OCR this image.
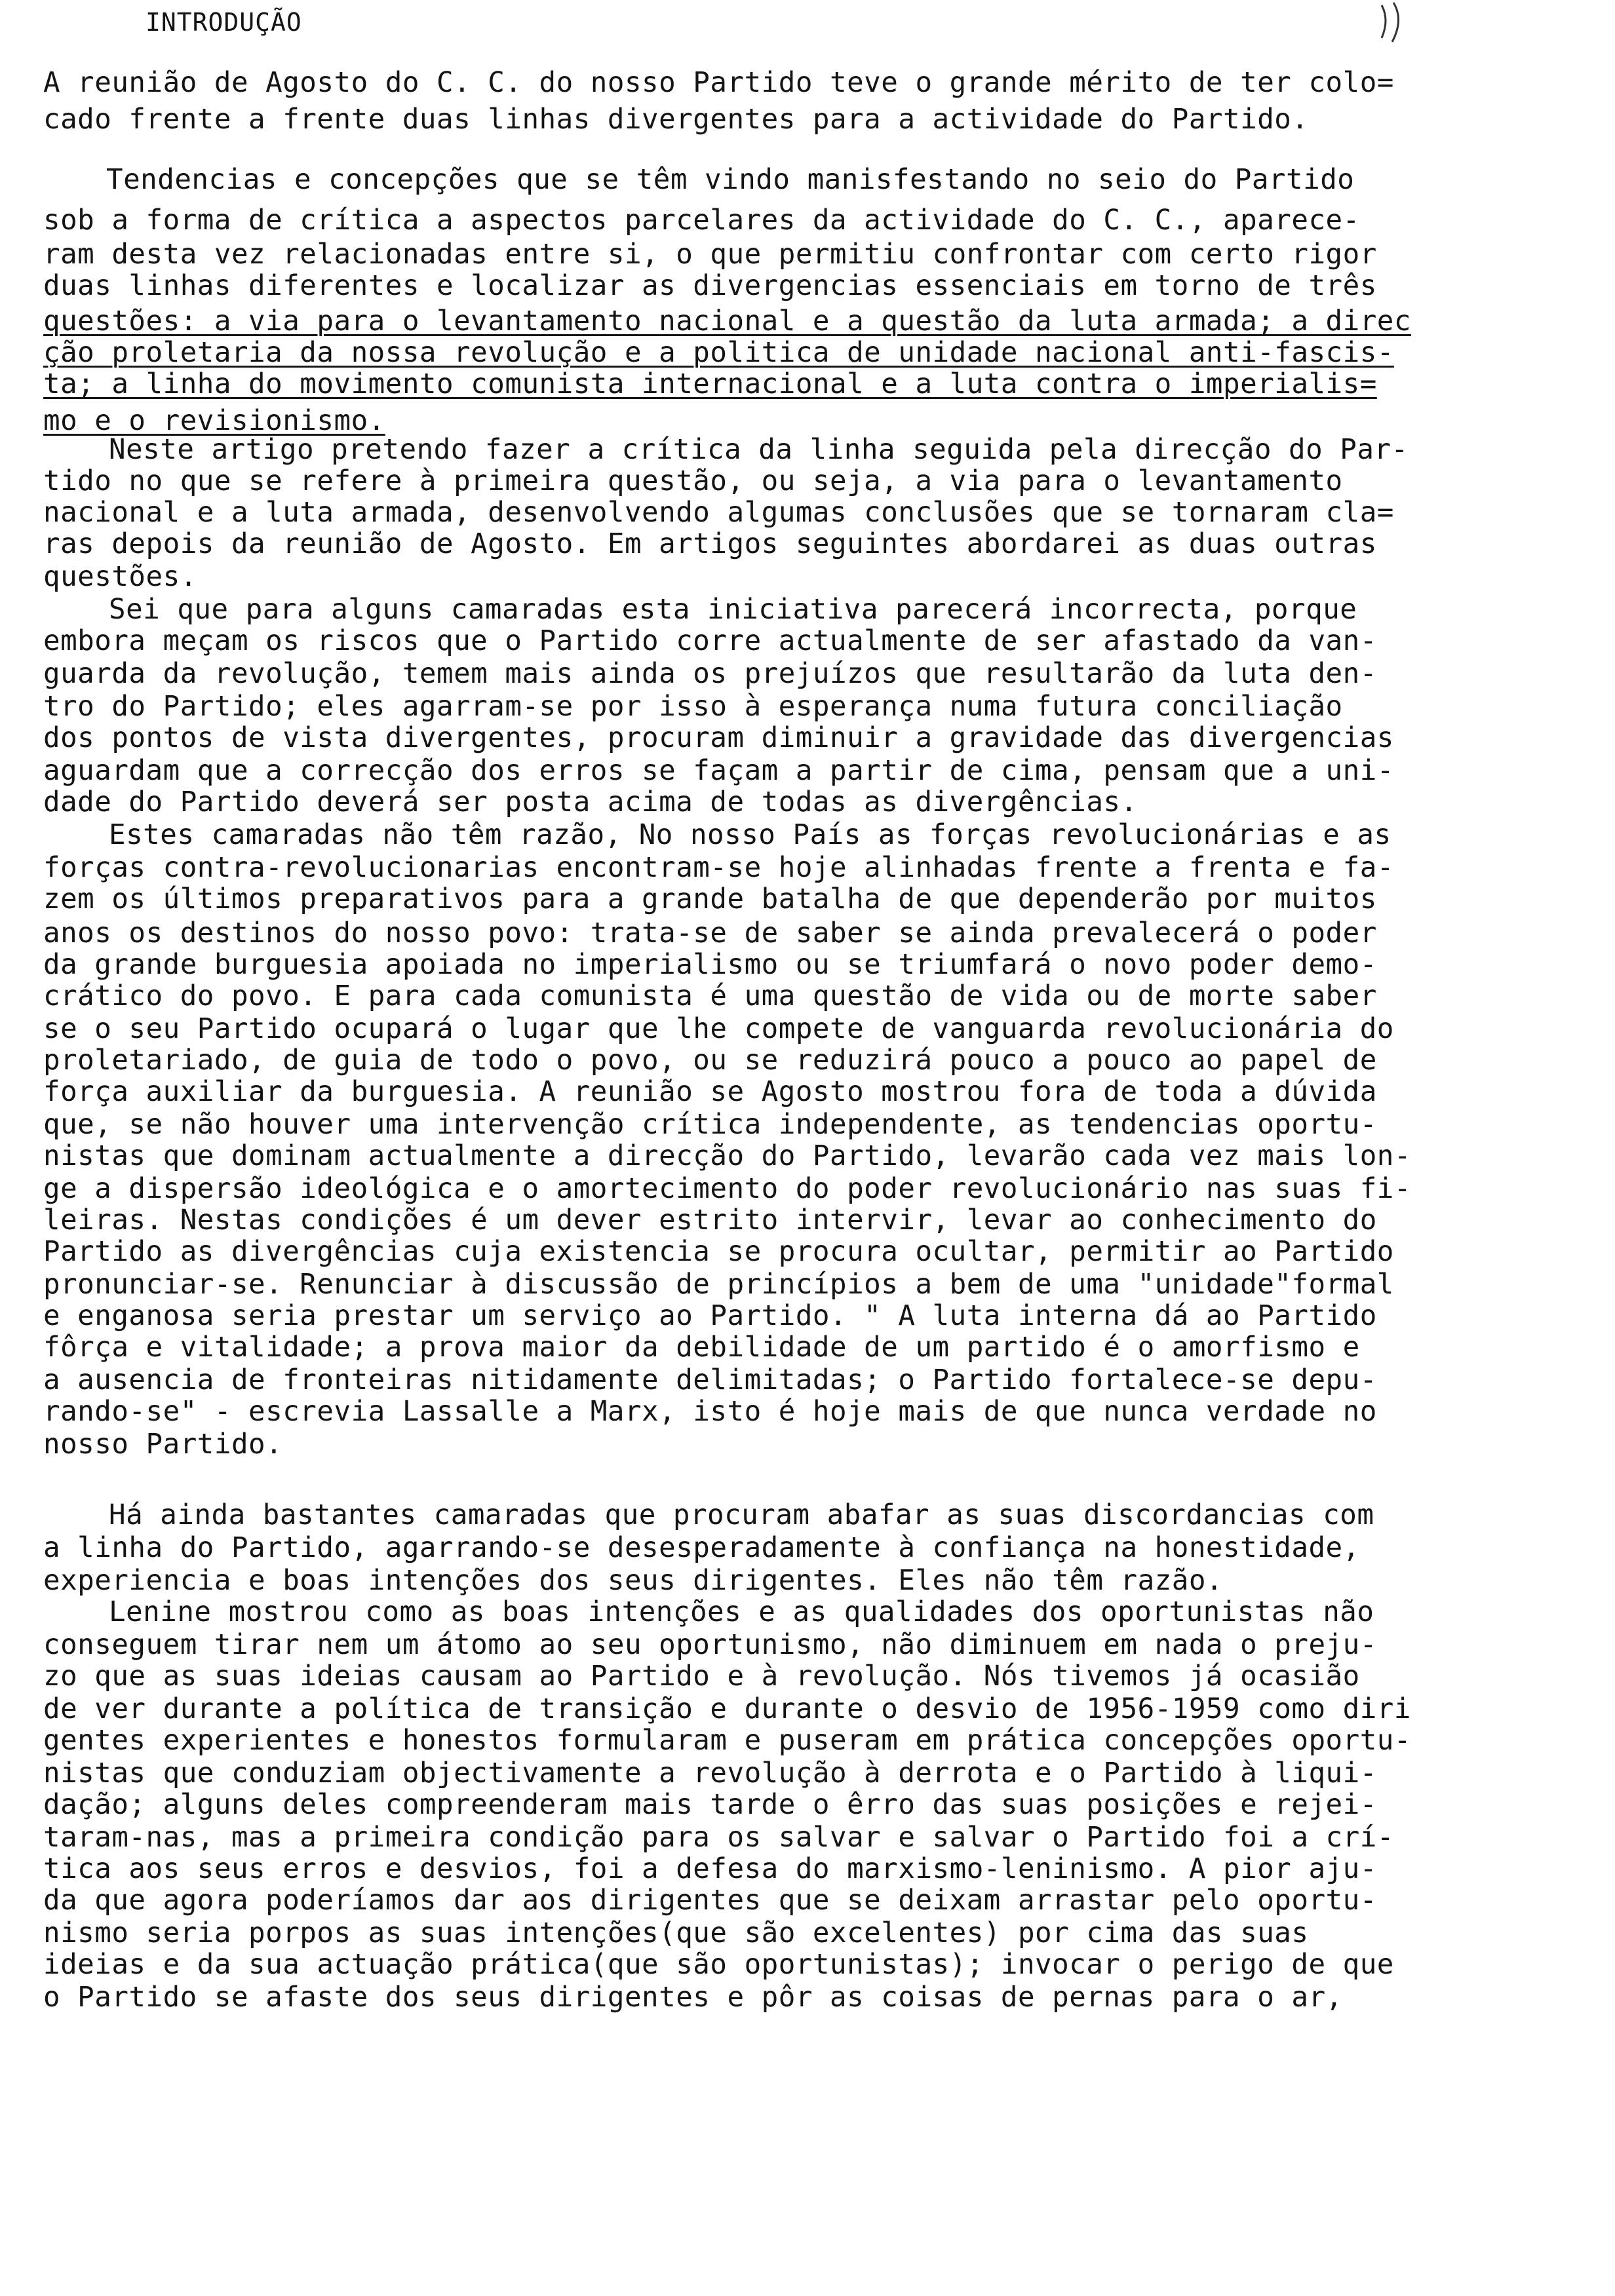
INTRODUÇÃO
A reunião de Agosto do C. C. do nosso Partido teve o grande mérito de ter colo=
cado frente a frente duas linhas divergentes para a actividade do Partido.
Tendencias e concepções que se têm vindo manisfestando no seio do Partido
sob a forma de crítica a aspectos parcelares da actividade do C. C., aparece-
ram desta vez relacionadas entre si, o que permitiu confrontar com certo rigor
duas linhas diferentes e localizar as divergencias essenciais em torno de três
questões: a via para o levantamento nacional e a questão da luta armada; a direc
ção proletaria da nossa revolução e a politica de unidade nacional anti-fascis-
ta; a linha do movimento comunista internacional e a luta contra o imperialis=
mo e o revisionismo.
Neste artigo pretendo fazer a crítica da linha seguida pela direcção do Par-
tido no que se refere à primeira questão, ou seja, a via para o levantamento
nacional e a luta armada, desenvolvendo algumas conclusões que se tornaram cla=
ras depois da reunião de Agosto. Em artigos seguintes abordarei as duas outras
questões.
Sei que para alguns camaradas esta iniciativa parecerá incorrecta, porque
embora meçam os riscos que o Partido corre actualmente de ser afastado da van-
guarda da revolução, temem mais ainda os prejuízos que resultarão da luta den-
tro do Partido; eles agarram-se por isso à esperança numa futura conciliação
dos pontos de vista divergentes, procuram diminuir a gravidade das divergencias
aguardam que a correcção dos erros se façam a partir de cima, pensam que a uni-
dade do Partido deverá ser posta acima de todas as divergências.
Estes camaradas não têm razão, No nosso País as forças revolucionárias e as
forças contra-revolucionarias encontram-se hoje alinhadas frente a frenta e fa-
zem os últimos preparativos para a grande batalha de que dependerão por muitos
anos os destinos do nosso povo: trata-se de saber se ainda prevalecerá o poder
da grande burguesia apoiada no imperialismo ou se triumfará o novo poder demo-
crático do povo. E para cada comunista é uma questão de vida ou de morte saber
se o seu Partido ocupará o lugar que lhe compete de vanguarda revolucionária do
proletariado, de guia de todo o povo, ou se reduzirá pouco a pouco ao papel de
força auxiliar da burguesia. A reunião se Agosto mostrou fora de toda a dúvida
que, se não houver uma intervenção crítica independente, as tendencias oportu-
nistas que dominam actualmente a direcção do Partido, levarão cada vez mais lon-
ge a dispersão ideológica e o amortecimento do poder revolucionário nas suas fi-
leiras. Nestas condições é um dever estrito intervir, levar ao conhecimento do
Partido as divergências cuja existencia se procura ocultar, permitir ao Partido
pronunciar-se. Renunciar à discussão de princípios a bem de uma "unidade"formal
e enganosa seria prestar um serviço ao Partido. " A luta interna dá ao Partido
fôrça e vitalidade; a prova maior da debilidade de um partido é o amorfismo e
a ausencia de fronteiras nitidamente delimitadas; o Partido fortalece-se depu-
rando-se" - escrevia Lassalle a Marx, isto é hoje mais de que nunca verdade no
nosso Partido.
Há ainda bastantes camaradas que procuram abafar as suas discordancias com
a linha do Partido, agarrando-se desesperadamente à confiança na honestidade,
experiencia e boas intenções dos seus dirigentes. Eles não têm razão.
Lenine mostrou como as boas intenções e as qualidades dos oportunistas não
conseguem tirar nem um átomo ao seu oportunismo, não diminuem em nada o preju-
zo que as suas ideias causam ao Partido e à revolução. Nós tivemos já ocasião
de ver durante a política de transição e durante o desvio de 1956-1959 como diri
gentes experientes e honestos formularam e puseram em prática concepções oportu-
nistas que conduziam objectivamente a revolução à derrota e o Partido à liqui-
dação; alguns deles compreenderam mais tarde o êrro das suas posições e rejei-
taram-nas, mas a primeira condição para os salvar e salvar o Partido foi a crí-
tica aos seus erros e desvios, foi a defesa do marxismo-leninismo. A pior aju-
da que agora poderíamos dar aos dirigentes que se deixam arrastar pelo oportu-
nismo seria porpos as suas intenções(que são excelentes) por cima das suas
ideias e da sua actuação prática(que são oportunistas); invocar o perigo de que
o Partido se afaste dos seus dirigentes e pôr as coisas de pernas para o ar,
